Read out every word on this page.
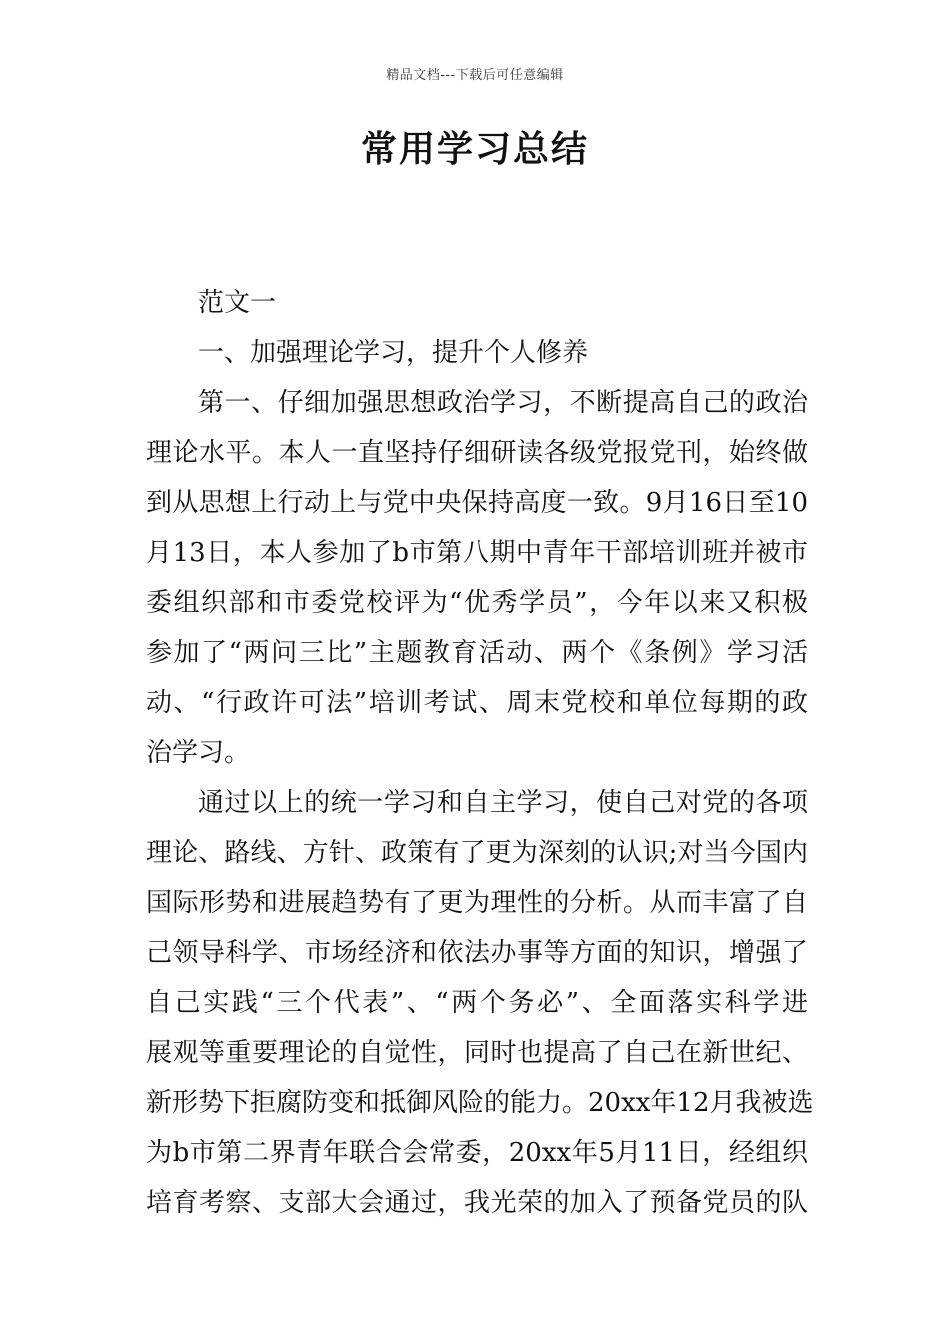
精品文档---下载后可任意编辑
常用学习总结
范文一
一、加强理论学习，提升个人修养
第一、仔细加强思想政治学习，不断提高自己的政治
理论水平。本人一直坚持仔细研读各级党报党刊，始终做
到从思想上行动上与党中央保持高度一致。9月16日至10
月13日，本人参加了b市第八期中青年干部培训班并被市
委组织部和市委党校评为“优秀学员”，今年以来又积极
参加了“两问三比”主题教育活动、两个《条例》学习活
动、“行政许可法”培训考试、周末党校和单位每期的政
治学习。
通过以上的统一学习和自主学习，使自己对党的各项
理论、路线、方针、政策有了更为深刻的认识;对当今国内
国际形势和进展趋势有了更为理性的分析。从而丰富了自
己领导科学、市场经济和依法办事等方面的知识，增强了
自己实践“三个代表”、“两个务必”、全面落实科学进
展观等重要理论的自觉性，同时也提高了自己在新世纪、
新形势下拒腐防变和抵御风险的能力。20xx年12月我被选
为b市第二界青年联合会常委，20xx年5月11日，经组织
培育考察、支部大会通过，我光荣的加入了预备党员的队
